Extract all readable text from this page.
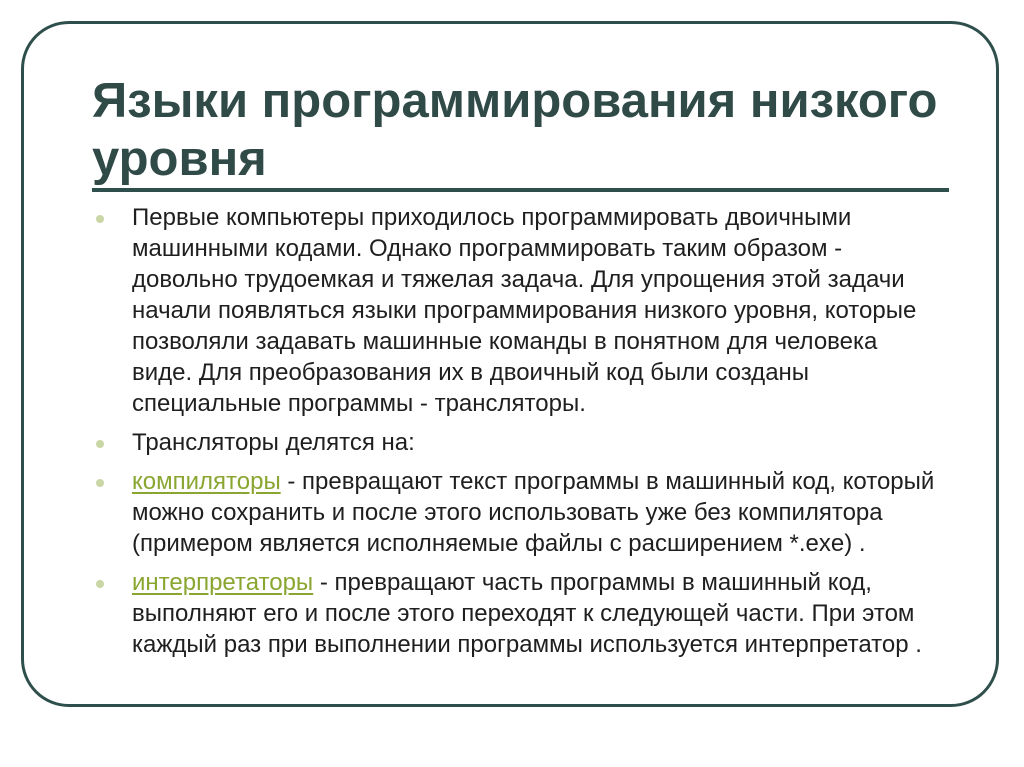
Языки программирования низкого уровня
Первые компьютеры приходилось программировать двоичными машинными кодами. Однако программировать таким образом - довольно трудоемкая и тяжелая задача. Для упрощения этой задачи начали появляться языки программирования низкого уровня, которые позволяли задавать машинные команды в понятном для человека виде. Для преобразования их в двоичный код были созданы специальные программы - трансляторы.
Трансляторы делятся на:
компиляторы - превращают текст программы в машинный код, который можно сохранить и после этого использовать уже без компилятора (примером является исполняемые файлы с расширением *.exe) .
интерпретаторы - превращают часть программы в машинный код, выполняют его и после этого переходят к следующей части. При этом каждый раз при выполнении программы используется интерпретатор .
